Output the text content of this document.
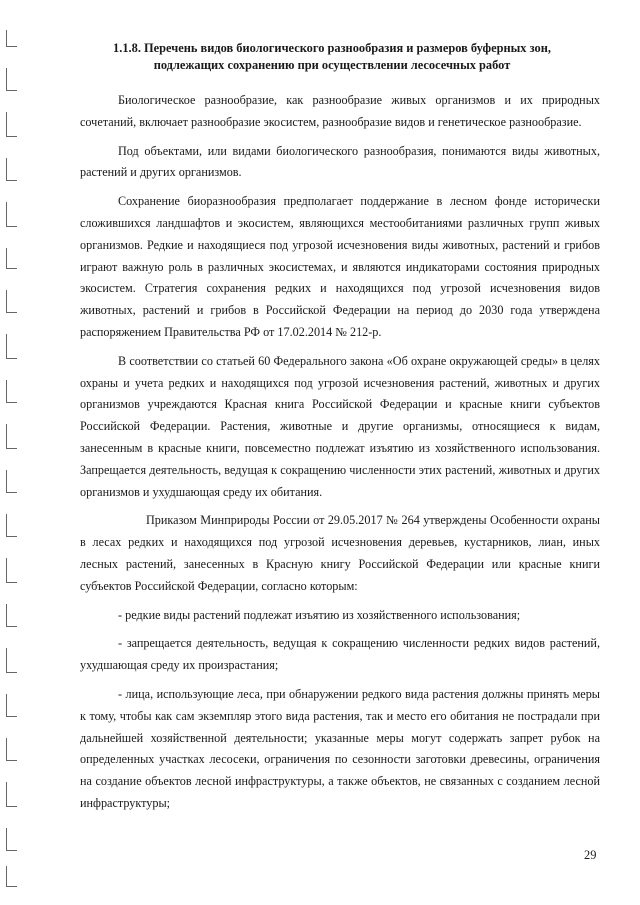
1.1.8. Перечень видов биологического разнообразия и размеров буферных зон,
подлежащих сохранению при осуществлении лесосечных работ

Биологическое разнообразие, как разнообразие живых организмов и их природных сочетаний, включает разнообразие экосистем, разнообразие видов и генетическое разнообразие.

Под объектами, или видами биологического разнообразия, понимаются виды животных, растений и других организмов.

Сохранение биоразнообразия предполагает поддержание в лесном фонде исторически сложившихся ландшафтов и экосистем, являющихся местообитаниями различных групп живых организмов. Редкие и находящиеся под угрозой исчезновения виды животных, растений и грибов играют важную роль в различных экосистемах, и являются индикаторами состояния природных экосистем. Стратегия сохранения редких и находящихся под угрозой исчезновения видов животных, растений и грибов в Российской Федерации на период до 2030 года утверждена распоряжением Правительства РФ от 17.02.2014 № 212-р.

В соответствии со статьей 60 Федерального закона «Об охране окружающей среды» в целях охраны и учета редких и находящихся под угрозой исчезновения растений, животных и других организмов учреждаются Красная книга Российской Федерации и красные книги субъектов Российской Федерации. Растения, животные и другие организмы, относящиеся к видам, занесенным в красные книги, повсеместно подлежат изъятию из хозяйственного использования. Запрещается деятельность, ведущая к сокращению численности этих растений, животных и других организмов и ухудшающая среду их обитания.

Приказом Минприроды России от 29.05.2017 № 264 утверждены Особенности охраны в лесах редких и находящихся под угрозой исчезновения деревьев, кустарников, лиан, иных лесных растений, занесенных в Красную книгу Российской Федерации или красные книги субъектов Российской Федерации, согласно которым:

- редкие виды растений подлежат изъятию из хозяйственного использования;

- запрещается деятельность, ведущая к сокращению численности редких видов растений, ухудшающая среду их произрастания;

- лица, использующие леса, при обнаружении редкого вида растения должны принять меры к тому, чтобы как сам экземпляр этого вида растения, так и место его обитания не пострадали при дальнейшей хозяйственной деятельности; указанные меры могут содержать запрет рубок на определенных участках лесосеки, ограничения по сезонности заготовки древесины, ограничения на создание объектов лесной инфраструктуры, а также объектов, не связанных с созданием лесной инфраструктуры;

29
